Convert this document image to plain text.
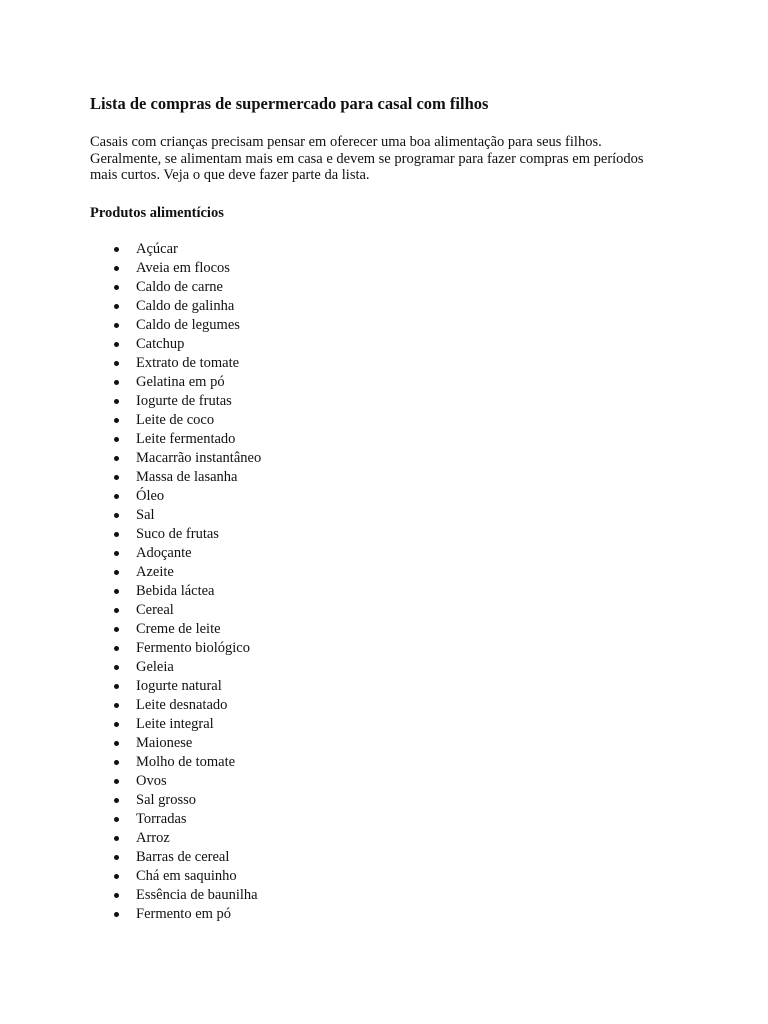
Lista de compras de supermercado para casal com filhos

Casais com crianças precisam pensar em oferecer uma boa alimentação para seus filhos.
Geralmente, se alimentam mais em casa e devem se programar para fazer compras em períodos
mais curtos. Veja o que deve fazer parte da lista.

Produtos alimentícios
Açúcar
Aveia em flocos
Caldo de carne
Caldo de galinha
Caldo de legumes
Catchup
Extrato de tomate
Gelatina em pó
Iogurte de frutas
Leite de coco
Leite fermentado
Macarrão instantâneo
Massa de lasanha
Óleo
Sal
Suco de frutas
Adoçante
Azeite
Bebida láctea
Cereal
Creme de leite
Fermento biológico
Geleia
Iogurte natural
Leite desnatado
Leite integral
Maionese
Molho de tomate
Ovos
Sal grosso
Torradas
Arroz
Barras de cereal
Chá em saquinho
Essência de baunilha
Fermento em pó
